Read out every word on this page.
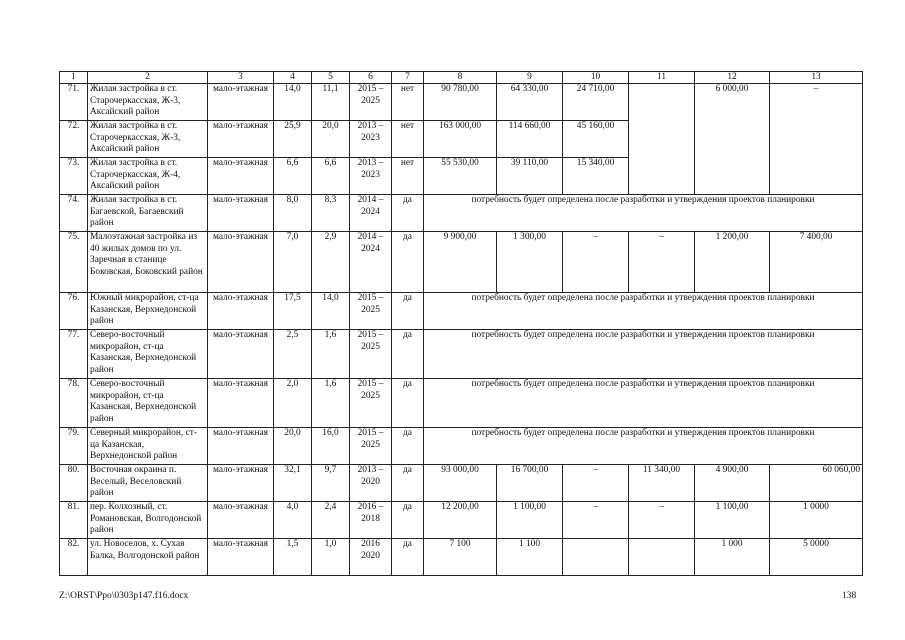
1	2	3	4	5	6	7	8	9	10	11	12	13
71.	Жилая застройка в ст. Старочеркасская, Ж-3, Аксайский район	мало-этажная	14,0	11,1	2015 – 2025	нет	90 780,00	64 330,00	24 710,00		6 000,00	–
72.	Жилая застройка в ст. Старочеркасская, Ж-3, Аксайский район	мало-этажная	25,9	20,0	2013 – 2023	нет	163 000,00	114 660,00	45 160,00			
73.	Жилая застройка в ст. Старочеркасская, Ж-4, Аксайский район	мало-этажная	6,6	6,6	2013 – 2023	нет	55 530,00	39 110,00	15 340,00			
74.	Жилая застройка в ст. Багаевской, Багаевский район	мало-этажная	8,0	8,3	2014 – 2024	да	потребность будет определена после разработки и утверждения проектов планировки					
75.	Малоэтажная застройка из 40 жилых домов по ул. Заречная в станице Боковская, Боковский район	мало-этажная	7,0	2,9	2014 – 2024	да	9 900,00	1 300,00	–	–	1 200,00	7 400,00
76.	Южный микрорайон, ст-ца Казанская, Верхнедонской район	мало-этажная	17,5	14,0	2015 – 2025	да	потребность будет определена после разработки и утверждения проектов планировки					
77.	Северо-восточный микрорайон, ст-ца Казанская, Верхнедонской район	мало-этажная	2,5	1,6	2015 – 2025	да	потребность будет определена после разработки и утверждения проектов планировки					
78.	Северо-восточный микрорайон, ст-ца Казанская, Верхнедонской район	мало-этажная	2,0	1,6	2015 – 2025	да	потребность будет определена после разработки и утверждения проектов планировки					
79.	Северный микрорайон, ст-ца Казанская, Верхнедонской район	мало-этажная	20,0	16,0	2015 – 2025	да	потребность будет определена после разработки и утверждения проектов планировки					
80.	Восточная окраина п. Веселый, Веселовский район	мало-этажная	32,1	9,7	2013 – 2020	да	93 000,00	16 700,00	–	11 340,00	4 900,00	60 060,00
81.	пер. Колхозный, ст. Романовская, Волгодонской район	мало-этажная	4,0	2,4	2016 – 2018	да	12 200,00	1 100,00	–	–	1 100,00	1 0000
82.	ул. Новоселов, х. Сухая Балка, Волгодонской район	мало-этажная	1,5	1,0	2016 2020	да	7 100	1 100			1 000	5 0000
Z:\ORST\Ppo\0303p147.f16.docx	138
